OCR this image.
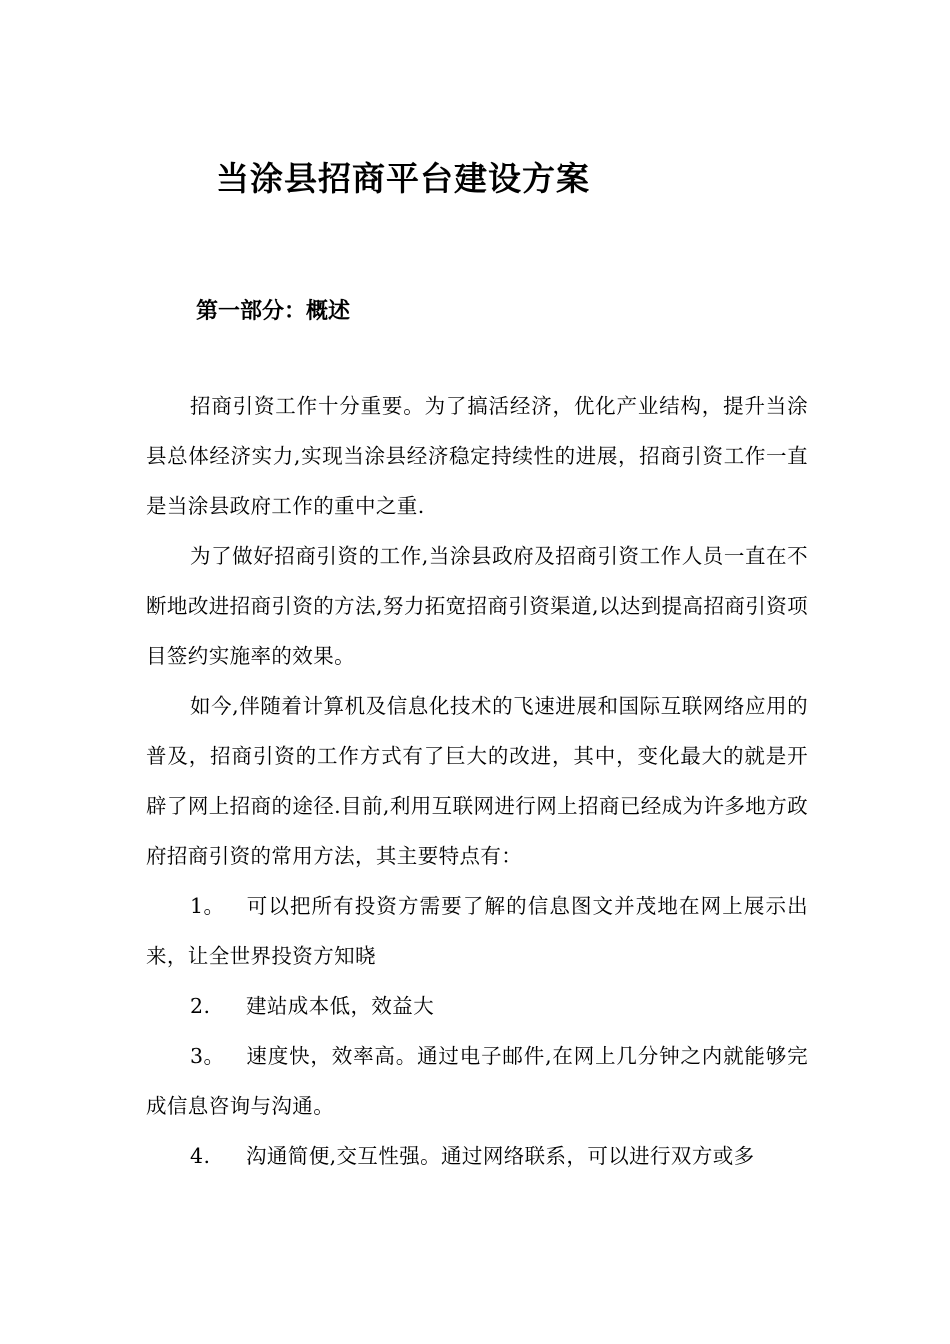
当涂县招商平台建设方案
第一部分：概述

招商引资工作十分重要。为了搞活经济，优化产业结构，提升当涂县总体经济实力,实现当涂县经济稳定持续性的进展，招商引资工作一直是当涂县政府工作的重中之重.

为了做好招商引资的工作,当涂县政府及招商引资工作人员一直在不断地改进招商引资的方法,努力拓宽招商引资渠道,以达到提高招商引资项目签约实施率的效果。

如今,伴随着计算机及信息化技术的飞速进展和国际互联网络应用的普及，招商引资的工作方式有了巨大的改进，其中，变化最大的就是开辟了网上招商的途径.目前,利用互联网进行网上招商已经成为许多地方政府招商引资的常用方法，其主要特点有：

1。 可以把所有投资方需要了解的信息图文并茂地在网上展示出来，让全世界投资方知晓

2. 建站成本低，效益大

3。 速度快，效率高。通过电子邮件,在网上几分钟之内就能够完成信息咨询与沟通。

4. 沟通简便,交互性强。通过网络联系，可以进行双方或多
